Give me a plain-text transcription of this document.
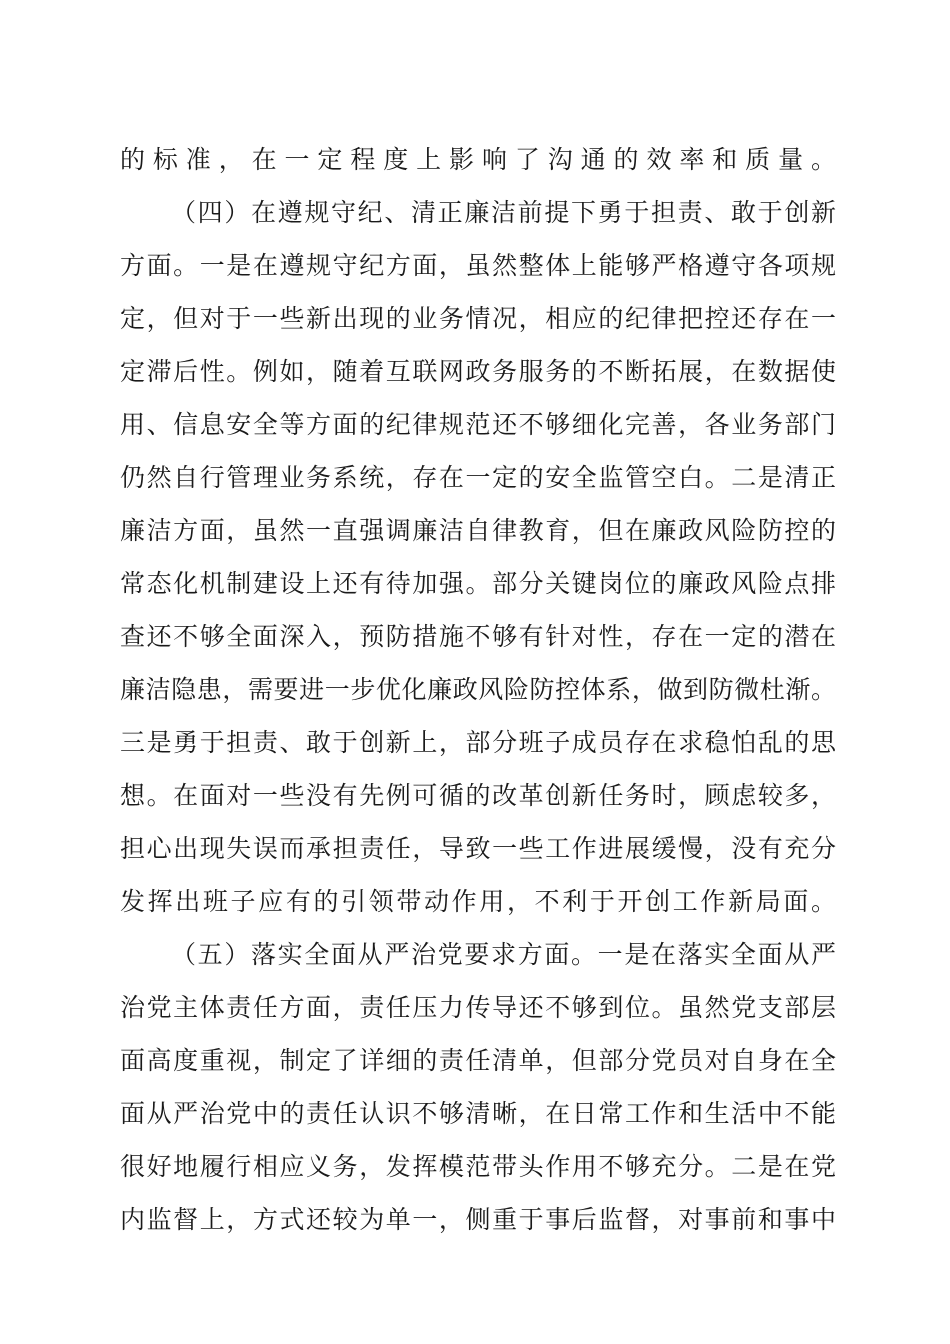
的标准，在一定程度上影响了沟通的效率和质量。
（四）在遵规守纪、清正廉洁前提下勇于担责、敢于创新
方面。一是在遵规守纪方面，虽然整体上能够严格遵守各项规
定，但对于一些新出现的业务情况，相应的纪律把控还存在一
定滞后性。例如，随着互联网政务服务的不断拓展，在数据使
用、信息安全等方面的纪律规范还不够细化完善，各业务部门
仍然自行管理业务系统，存在一定的安全监管空白。二是清正
廉洁方面，虽然一直强调廉洁自律教育，但在廉政风险防控的
常态化机制建设上还有待加强。部分关键岗位的廉政风险点排
查还不够全面深入，预防措施不够有针对性，存在一定的潜在
廉洁隐患，需要进一步优化廉政风险防控体系，做到防微杜渐。
三是勇于担责、敢于创新上，部分班子成员存在求稳怕乱的思
想。在面对一些没有先例可循的改革创新任务时，顾虑较多，
担心出现失误而承担责任，导致一些工作进展缓慢，没有充分
发挥出班子应有的引领带动作用，不利于开创工作新局面。
（五）落实全面从严治党要求方面。一是在落实全面从严
治党主体责任方面，责任压力传导还不够到位。虽然党支部层
面高度重视，制定了详细的责任清单，但部分党员对自身在全
面从严治党中的责任认识不够清晰，在日常工作和生活中不能
很好地履行相应义务，发挥模范带头作用不够充分。二是在党
内监督上，方式还较为单一，侧重于事后监督，对事前和事中
